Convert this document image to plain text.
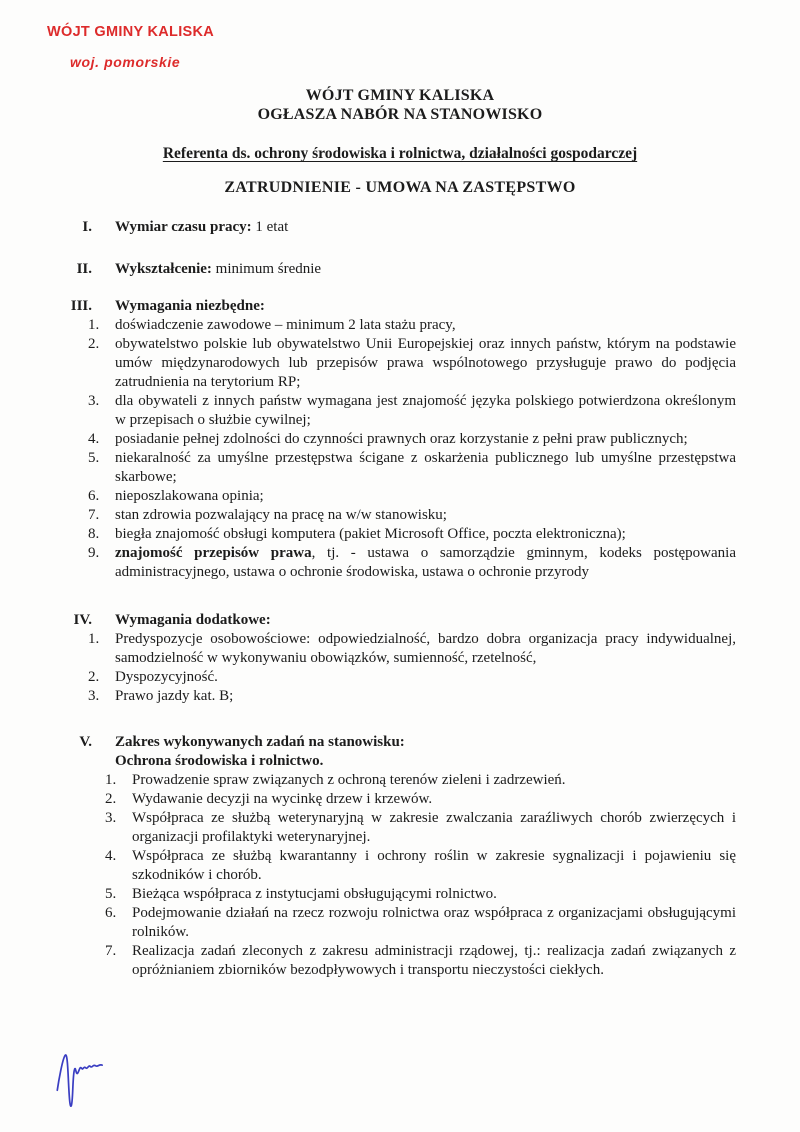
WÓJT GMINY KALISKA
woj. pomorskie
WÓJT GMINY KALISKA
OGŁASZA NABÓR NA STANOWISKO
Referenta ds. ochrony środowiska i rolnictwa, działalności gospodarczej
ZATRUDNIENIE - UMOWA NA ZASTĘPSTWO
I. Wymiar czasu pracy: 1 etat
II. Wykształcenie: minimum średnie
III. Wymagania niezbędne:
1.	doświadczenie zawodowe – minimum 2 lata stażu pracy,
2.	obywatelstwo polskie lub obywatelstwo Unii Europejskiej oraz innych państw, którym na podstawie umów międzynarodowych lub przepisów prawa wspólnotowego przysługuje prawo do podjęcia zatrudnienia na terytorium RP;
3.	dla obywateli z innych państw wymagana jest znajomość języka polskiego potwierdzona określonym w przepisach o służbie cywilnej;
4.	posiadanie pełnej zdolności do czynności prawnych oraz korzystanie z pełni praw publicznych;
5.	niekaralność za umyślne przestępstwa ścigane z oskarżenia publicznego lub umyślne przestępstwa skarbowe;
6.	nieposzlakowana opinia;
7.	stan zdrowia pozwalający na pracę na w/w stanowisku;
8.	biegła znajomość obsługi komputera (pakiet Microsoft Office, poczta elektroniczna);
9.	znajomość przepisów prawa, tj. - ustawa o samorządzie gminnym, kodeks postępowania administracyjnego, ustawa o ochronie środowiska, ustawa o ochronie przyrody
IV. Wymagania dodatkowe:
1.	Predyspozycje osobowościowe: odpowiedzialność, bardzo dobra organizacja pracy indywidualnej, samodzielność w wykonywaniu obowiązków, sumienność, rzetelność,
2.	Dyspozycyjność.
3.	Prawo jazdy kat. B;
V. Zakres wykonywanych zadań na stanowisku:
Ochrona środowiska i rolnictwo.
1.	Prowadzenie spraw związanych z ochroną terenów zieleni i zadrzewień.
2.	Wydawanie decyzji na wycinkę drzew i krzewów.
3.	Współpraca ze służbą weterynaryjną w zakresie zwalczania zaraźliwych chorób zwierzęcych i organizacji profilaktyki weterynaryjnej.
4.	Współpraca ze służbą kwarantanny i ochrony roślin w zakresie sygnalizacji i pojawieniu się szkodników i chorób.
5.	Bieżąca współpraca z instytucjami obsługującymi rolnictwo.
6.	Podejmowanie działań na rzecz rozwoju rolnictwa oraz współpraca z organizacjami obsługującymi rolników.
7.	Realizacja zadań zleconych z zakresu administracji rządowej, tj.: realizacja zadań związanych z opróżnianiem zbiorników bezodpływowych i transportu nieczystości ciekłych.
